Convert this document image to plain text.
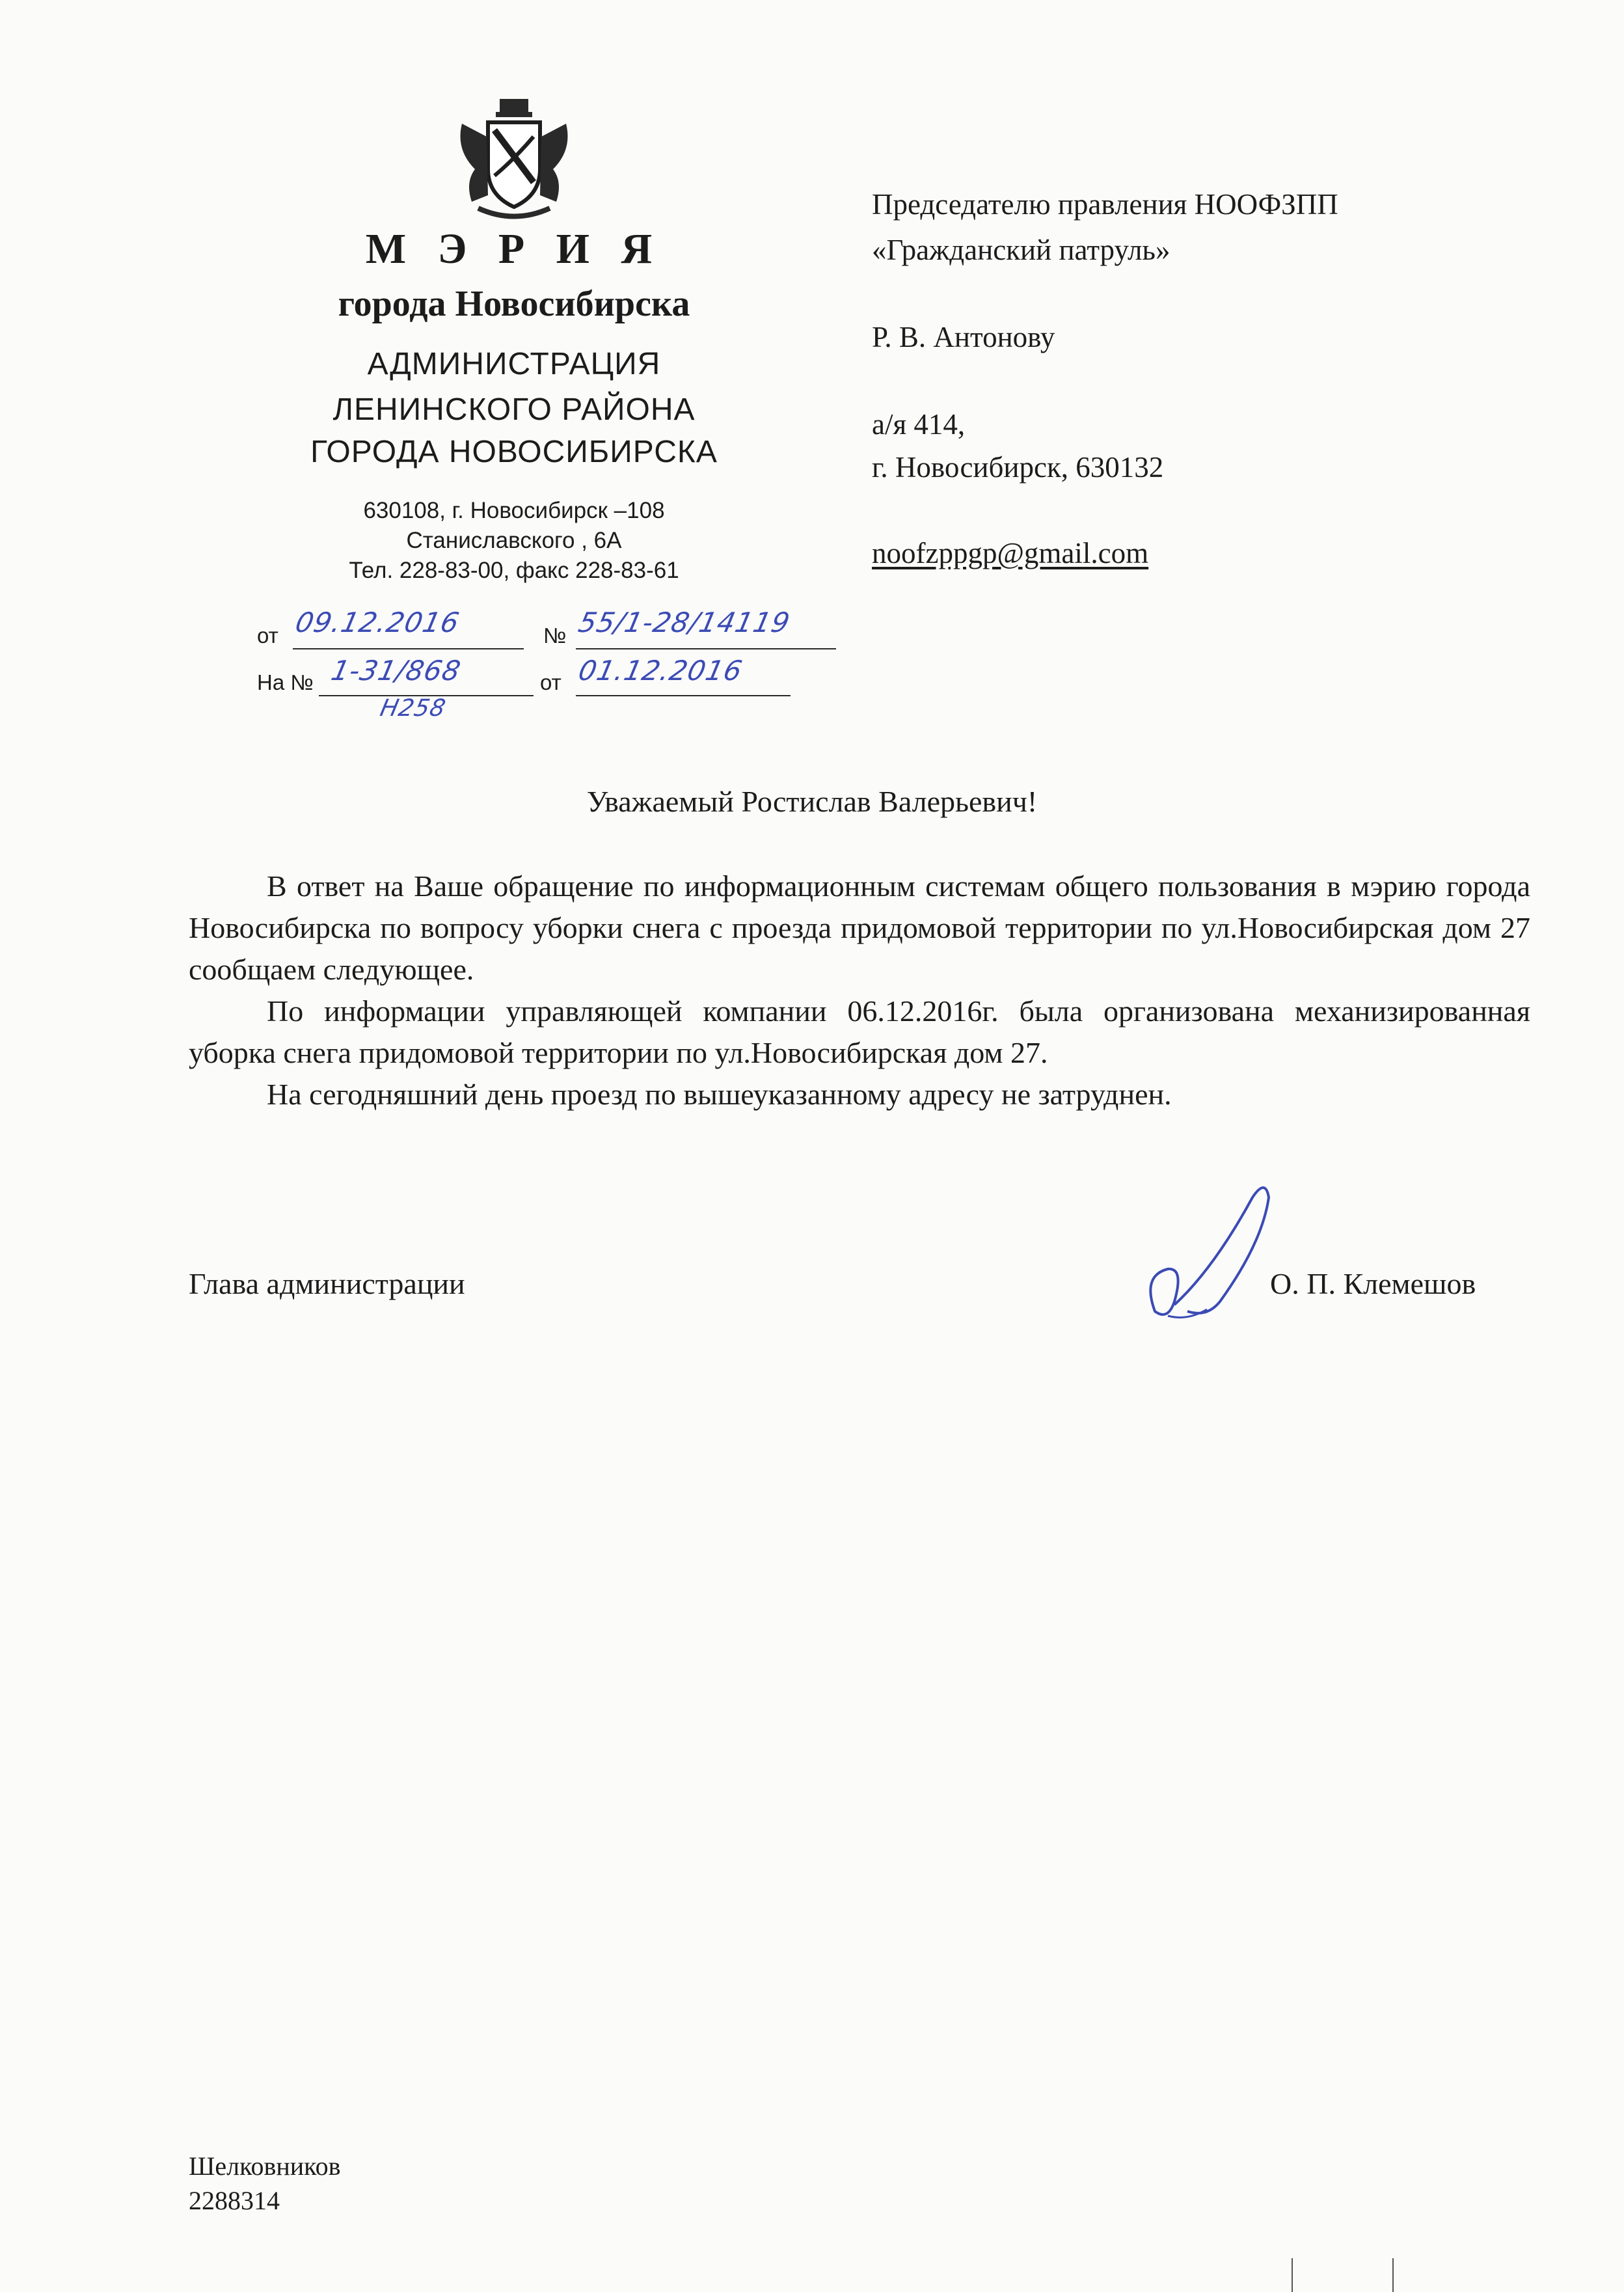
М Э Р И Я
города Новосибирска
АДМИНИСТРАЦИЯ
ЛЕНИНСКОГО РАЙОНА
ГОРОДА НОВОСИБИРСКА
630108, г. Новосибирск –108
Станиславского , 6А
Тел. 228-83-00, факс 228-83-61
от 09.12.2016	№ 55/1-28/14119
На № 1-31/868	от 01.12.2016
Н258
Председателю правления НООФЗПП
«Гражданский патруль»
Р. В. Антонову
а/я 414,
г. Новосибирск, 630132
noofzppgp@gmail.com
Уважаемый Ростислав Валерьевич!

В ответ на Ваше обращение по информационным системам общего пользования в мэрию города Новосибирска по вопросу уборки снега с проезда придомовой территории по ул.Новосибирская дом 27 сообщаем следующее.

По информации управляющей компании 06.12.2016г. была организована механизированная уборка снега придомовой территории по ул.Новосибирская дом 27.

На сегодняшний день проезд по вышеуказанному адресу не затруднен.

Глава администрации	О. П. Клемешов
Шелковников
2288314
